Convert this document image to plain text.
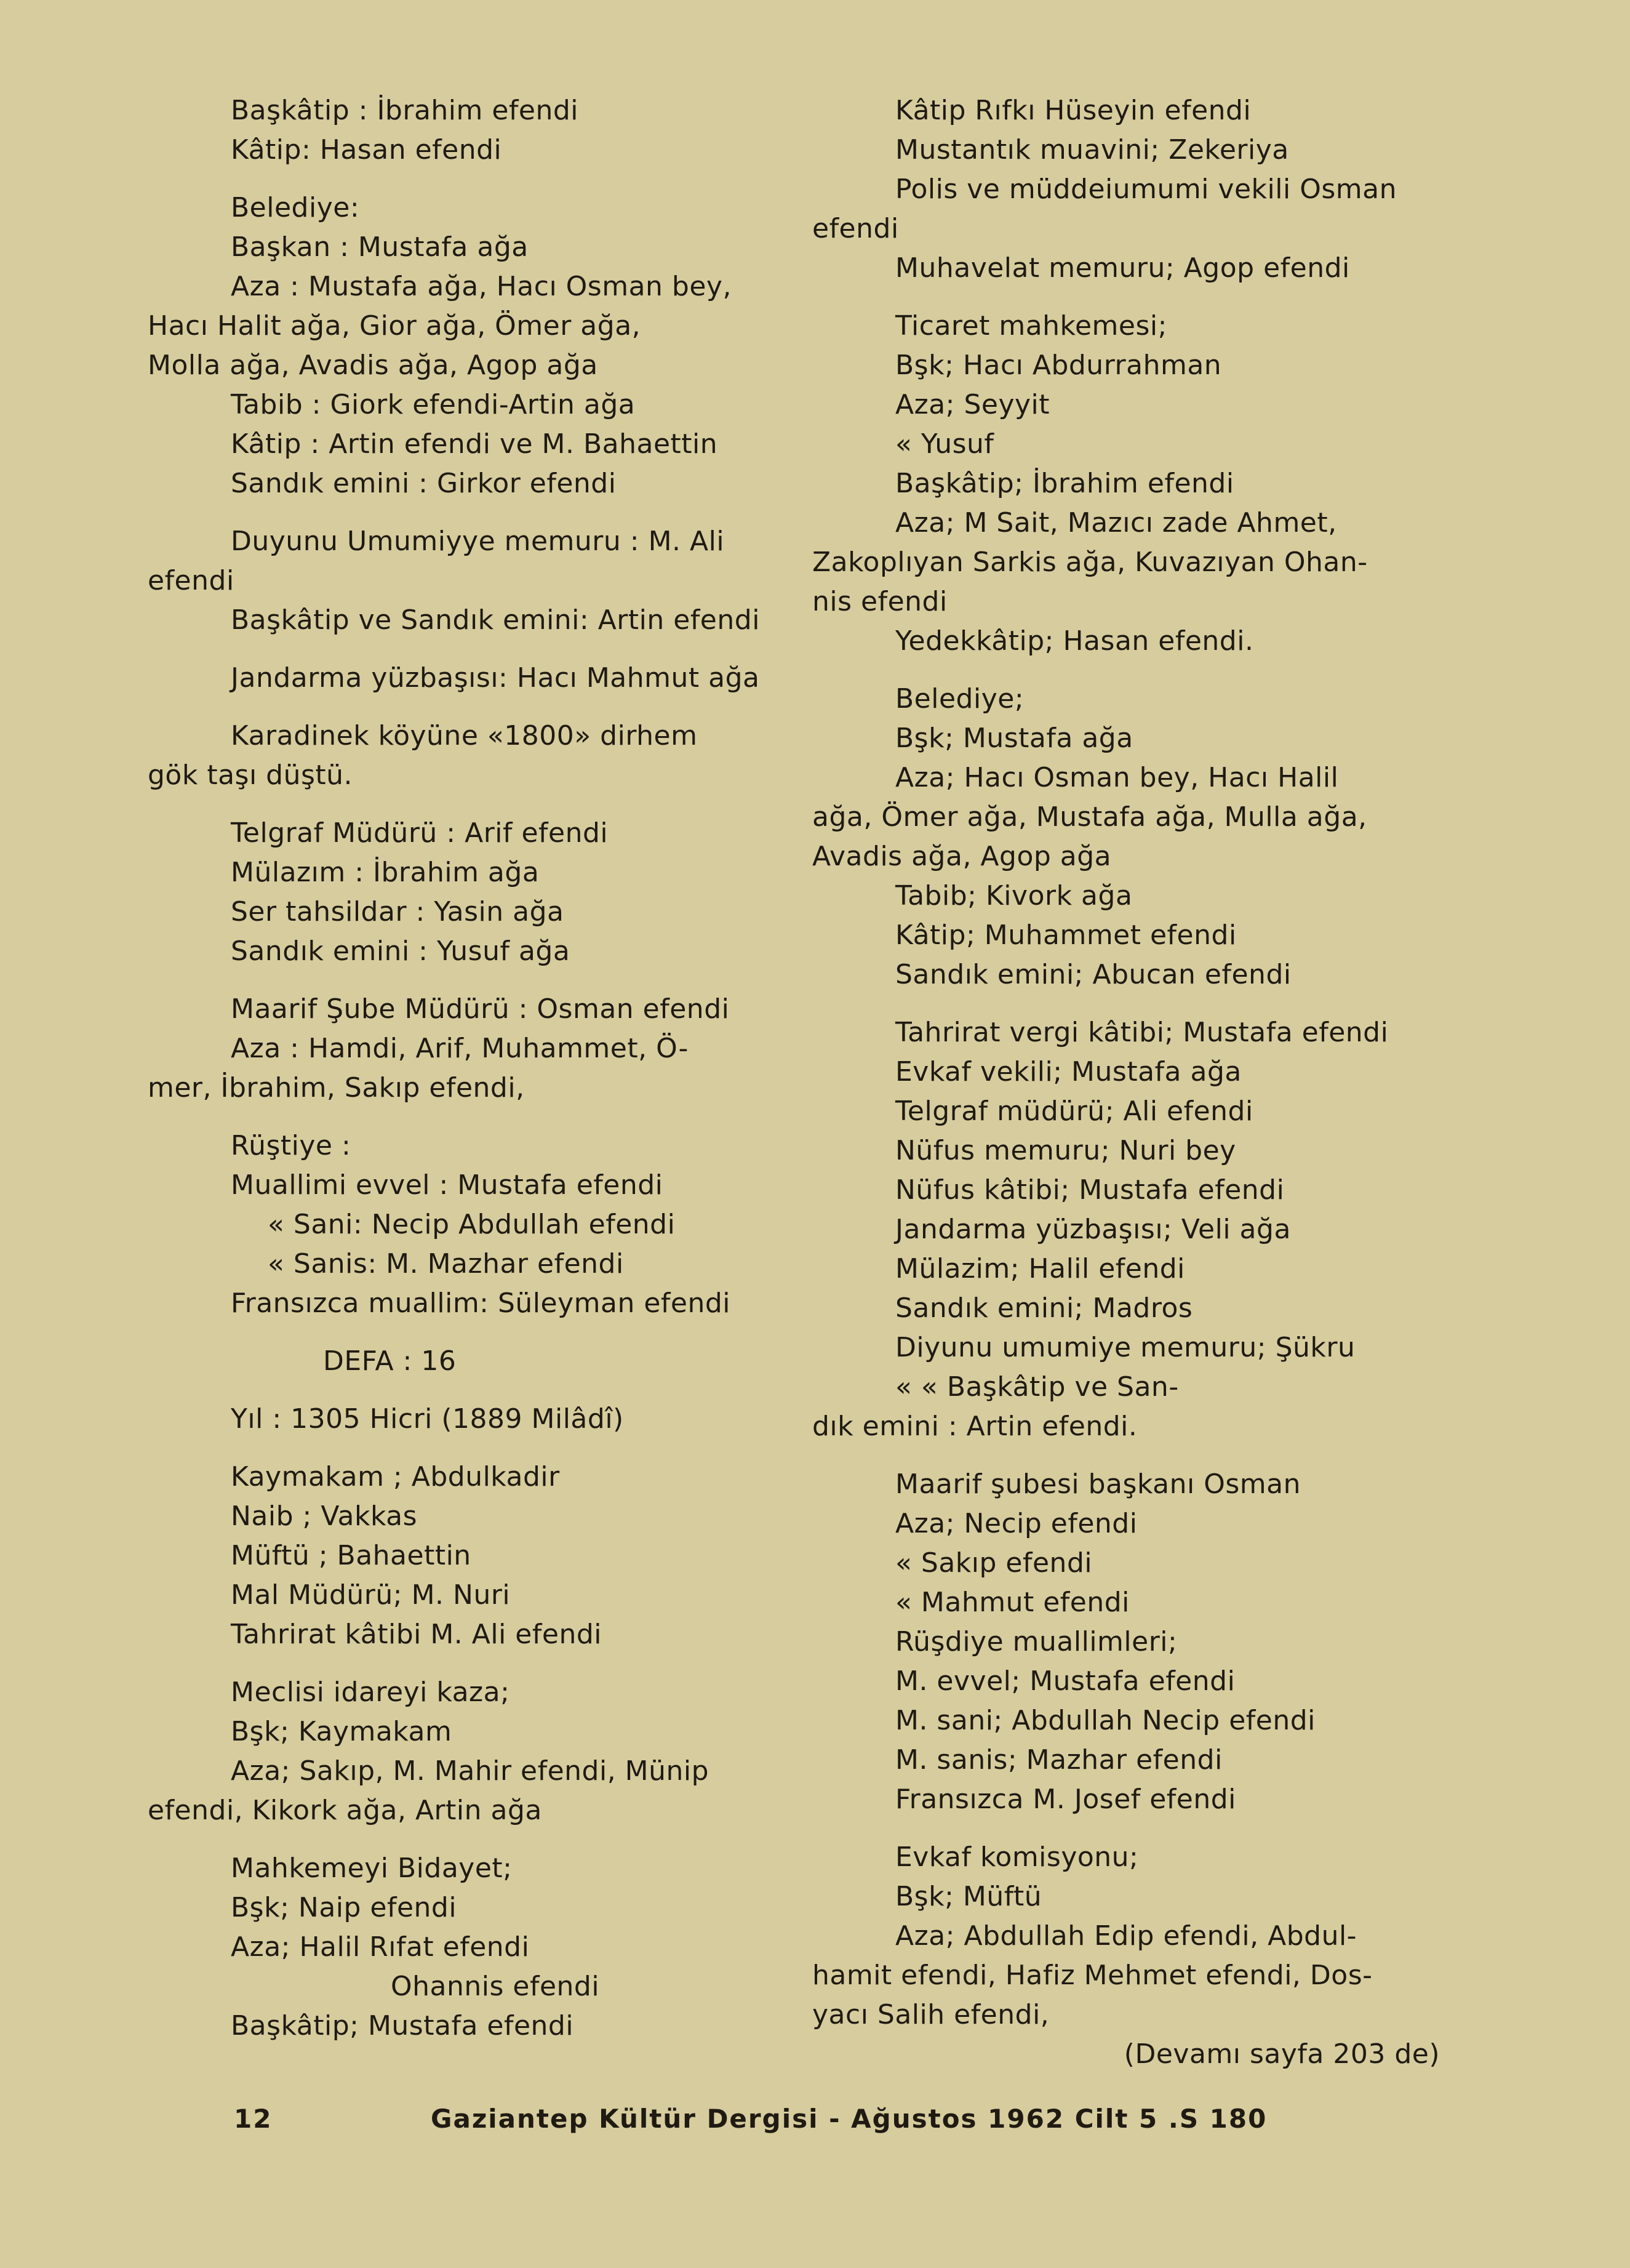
Başkâtip : İbrahim efendi
Kâtip: Hasan efendi
Belediye:
Başkan : Mustafa ağa
Aza : Mustafa ağa, Hacı Osman bey,
Hacı Halit ağa, Gior ağa, Ömer ağa,
Molla ağa, Avadis ağa, Agop ağa
Tabib : Giork efendi-Artin ağa
Kâtip : Artin efendi ve M. Bahaettin
Sandık emini : Girkor efendi
Duyunu Umumiyye memuru : M. Ali
efendi
Başkâtip ve Sandık emini: Artin efendi
Jandarma yüzbaşısı: Hacı Mahmut ağa
Karadinek köyüne «1800» dirhem
gök taşı düştü.
Telgraf Müdürü : Arif efendi
Mülazım : İbrahim ağa
Ser tahsildar : Yasin ağa
Sandık emini : Yusuf ağa
Maarif Şube Müdürü : Osman efendi
Aza : Hamdi, Arif, Muhammet, Ö-
mer, İbrahim, Sakıp efendi,
Rüştiye :
Muallimi evvel : Mustafa efendi
« Sani: Necip Abdullah efendi
« Sanis: M. Mazhar efendi
Fransızca muallim: Süleyman efendi
DEFA : 16
Yıl : 1305 Hicri (1889 Milâdî)
Kaymakam ; Abdulkadir
Naib ; Vakkas
Müftü ; Bahaettin
Mal Müdürü; M. Nuri
Tahrirat kâtibi M. Ali efendi
Meclisi idareyi kaza;
Bşk; Kaymakam
Aza; Sakıp, M. Mahir efendi, Münip
efendi, Kikork ağa, Artin ağa
Mahkemeyi Bidayet;
Bşk; Naip efendi
Aza; Halil Rıfat efendi
Ohannis efendi
Başkâtip; Mustafa efendi
Kâtip Rıfkı Hüseyin efendi
Mustantık muavini; Zekeriya
Polis ve müddeiumumi vekili Osman
efendi
Muhavelat memuru; Agop efendi
Ticaret mahkemesi;
Bşk; Hacı Abdurrahman
Aza; Seyyit
« Yusuf
Başkâtip; İbrahim efendi
Aza; M Sait, Mazıcı zade Ahmet,
Zakoplıyan Sarkis ağa, Kuvazıyan Ohan-
nis efendi
Yedekkâtip; Hasan efendi.
Belediye;
Bşk; Mustafa ağa
Aza; Hacı Osman bey, Hacı Halil
ağa, Ömer ağa, Mustafa ağa, Mulla ağa,
Avadis ağa, Agop ağa
Tabib; Kivork ağa
Kâtip; Muhammet efendi
Sandık emini; Abucan efendi
Tahrirat vergi kâtibi; Mustafa efendi
Evkaf vekili; Mustafa ağa
Telgraf müdürü; Ali efendi
Nüfus memuru; Nuri bey
Nüfus kâtibi; Mustafa efendi
Jandarma yüzbaşısı; Veli ağa
Mülazim; Halil efendi
Sandık emini; Madros
Diyunu umumiye memuru; Şükru
« « Başkâtip ve San-
dık emini : Artin efendi.
Maarif şubesi başkanı Osman
Aza; Necip efendi
« Sakıp efendi
« Mahmut efendi
Rüşdiye muallimleri;
M. evvel; Mustafa efendi
M. sani; Abdullah Necip efendi
M. sanis; Mazhar efendi
Fransızca M. Josef efendi
Evkaf komisyonu;
Bşk; Müftü
Aza; Abdullah Edip efendi, Abdul-
hamit efendi, Hafiz Mehmet efendi, Dos-
yacı Salih efendi,
(Devamı sayfa 203 de)
12	Gaziantep Kültür Dergisi - Ağustos 1962 Cilt 5 .S 180
